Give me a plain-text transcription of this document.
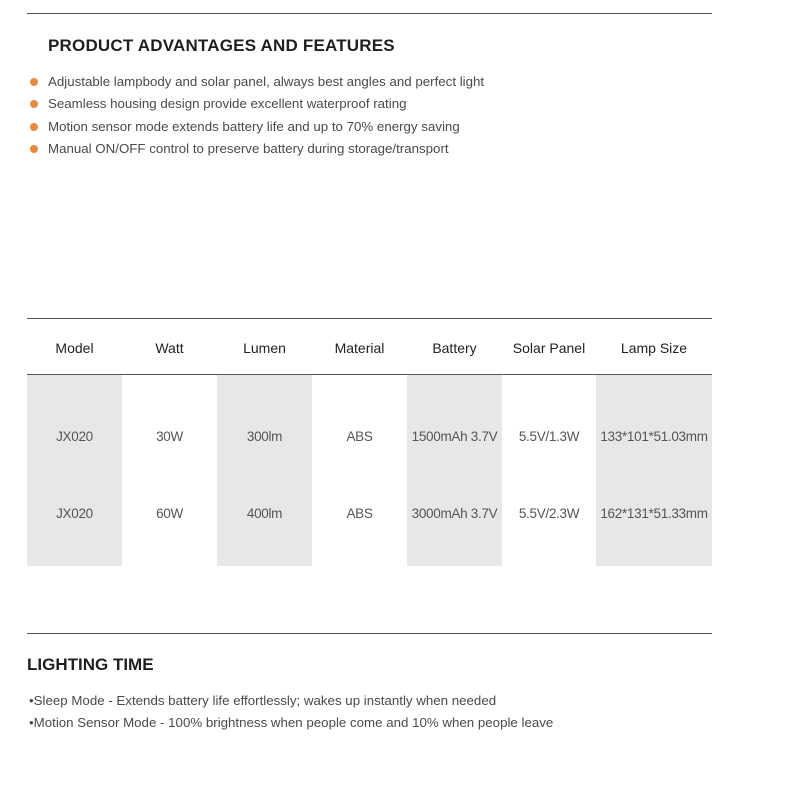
PRODUCT ADVANTAGES AND FEATURES
Adjustable lampbody and solar panel, always best angles and perfect light
Seamless housing design provide excellent waterproof rating
Motion sensor mode extends battery life and up to 70% energy saving
Manual ON/OFF control to preserve battery during storage/transport
Model	Watt	Lumen	Material	Battery	Solar Panel	Lamp Size
JX020	30W	300lm	ABS	1500mAh 3.7V	5.5V/1.3W	133*101*51.03mm
JX020	60W	400lm	ABS	3000mAh 3.7V	5.5V/2.3W	162*131*51.33mm
LIGHTING TIME
•Sleep Mode - Extends battery life effortlessly; wakes up instantly when needed
•Motion Sensor Mode - 100% brightness when people come and 10% when people leave
